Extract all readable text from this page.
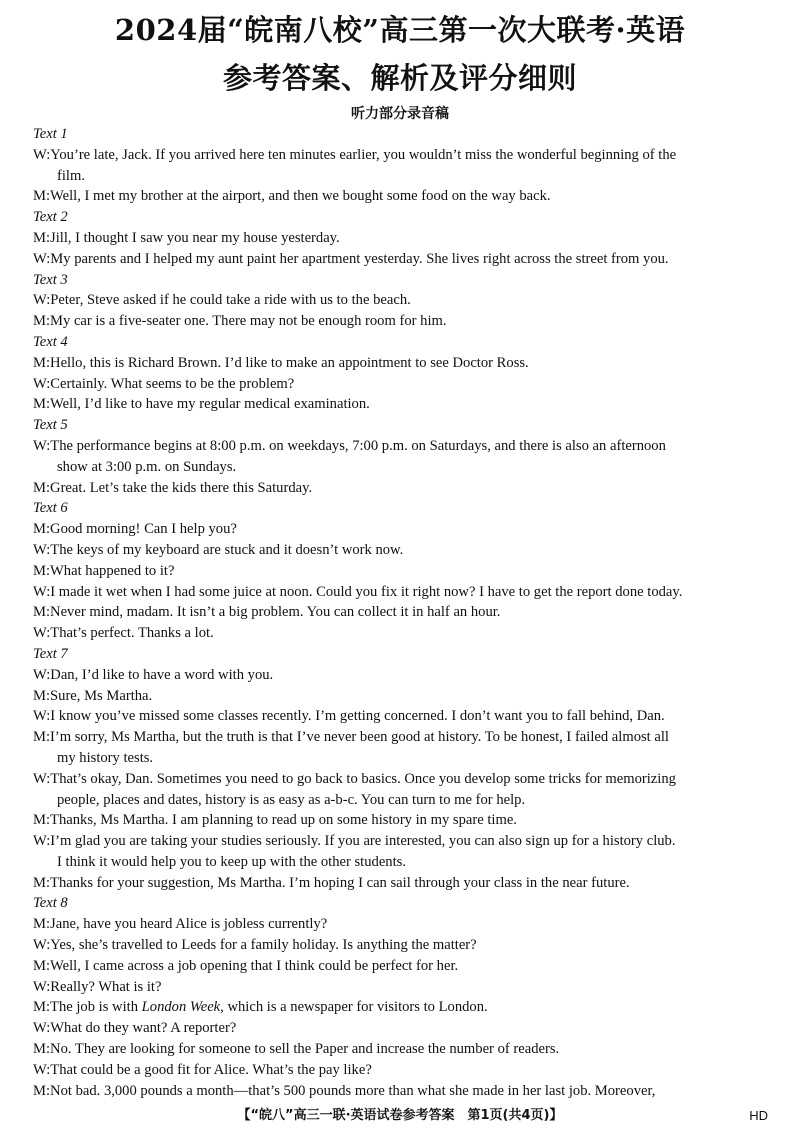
2024届“皖南八校”高三第一次大联考·英语
参考答案、解析及评分细则
听力部分录音稿
Text 1
W:You’re late, Jack. If you arrived here ten minutes earlier, you wouldn’t miss the wonderful beginning of the
film.
M:Well, I met my brother at the airport, and then we bought some food on the way back.
Text 2
M:Jill, I thought I saw you near my house yesterday.
W:My parents and I helped my aunt paint her apartment yesterday. She lives right across the street from you.
Text 3
W:Peter, Steve asked if he could take a ride with us to the beach.
M:My car is a five-seater one. There may not be enough room for him.
Text 4
M:Hello, this is Richard Brown. I’d like to make an appointment to see Doctor Ross.
W:Certainly. What seems to be the problem?
M:Well, I’d like to have my regular medical examination.
Text 5
W:The performance begins at 8:00 p.m. on weekdays, 7:00 p.m. on Saturdays, and there is also an afternoon
show at 3:00 p.m. on Sundays.
M:Great. Let’s take the kids there this Saturday.
Text 6
M:Good morning! Can I help you?
W:The keys of my keyboard are stuck and it doesn’t work now.
M:What happened to it?
W:I made it wet when I had some juice at noon. Could you fix it right now? I have to get the report done today.
M:Never mind, madam. It isn’t a big problem. You can collect it in half an hour.
W:That’s perfect. Thanks a lot.
Text 7
W:Dan, I’d like to have a word with you.
M:Sure, Ms Martha.
W:I know you’ve missed some classes recently. I’m getting concerned. I don’t want you to fall behind, Dan.
M:I’m sorry, Ms Martha, but the truth is that I’ve never been good at history. To be honest, I failed almost all
my history tests.
W:That’s okay, Dan. Sometimes you need to go back to basics. Once you develop some tricks for memorizing
people, places and dates, history is as easy as a-b-c. You can turn to me for help.
M:Thanks, Ms Martha. I am planning to read up on some history in my spare time.
W:I’m glad you are taking your studies seriously. If you are interested, you can also sign up for a history club.
I think it would help you to keep up with the other students.
M:Thanks for your suggestion, Ms Martha. I’m hoping I can sail through your class in the near future.
Text 8
M:Jane, have you heard Alice is jobless currently?
W:Yes, she’s travelled to Leeds for a family holiday. Is anything the matter?
M:Well, I came across a job opening that I think could be perfect for her.
W:Really? What is it?
M:The job is with London Week, which is a newspaper for visitors to London.
W:What do they want? A reporter?
M:No. They are looking for someone to sell the Paper and increase the number of readers.
W:That could be a good fit for Alice. What’s the pay like?
M:Not bad. 3,000 pounds a month—that’s 500 pounds more than what she made in her last job. Moreover,
【“皖八”高三一联·英语试卷参考答案　第1页(共4页)】	HD
